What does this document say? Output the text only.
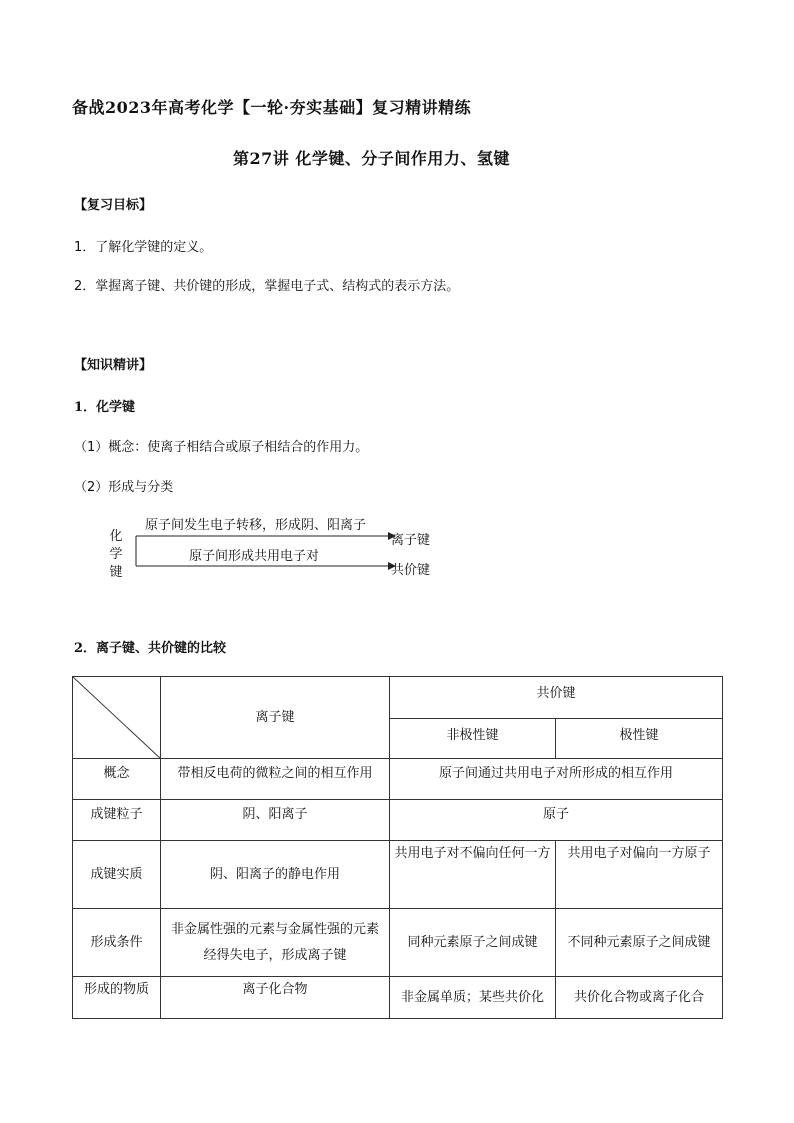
备战2023年高考化学【一轮·夯实基础】复习精讲精练
第27讲 化学键、分子间作用力、氢键
【复习目标】
1．了解化学键的定义。
2．掌握离子键、共价键的形成，掌握电子式、结构式的表示方法。
【知识精讲】
1．化学键
（1）概念：使离子相结合或原子相结合的作用力。
（2）形成与分类
化
学
键
原子间发生电子转移，形成阴、阳离子
离子键
原子间形成共用电子对
共价键
2．离子键、共价键的比较
	离子键	共价键	
		非极性键	极性键
概念	带相反电荷的微粒之间的相互作用	原子间通过共用电子对所形成的相互作用	
成键粒子	阴、阳离子	原子	
成键实质	阴、阳离子的静电作用	共用电子对不偏向任何一方	共用电子对偏向一方原子
形成条件	非金属性强的元素与金属性强的元素经得失电子，形成离子键	同种元素原子之间成键	不同种元素原子之间成键
形成的物质	离子化合物	非金属单质；某些共价化	共价化合物或离子化合
